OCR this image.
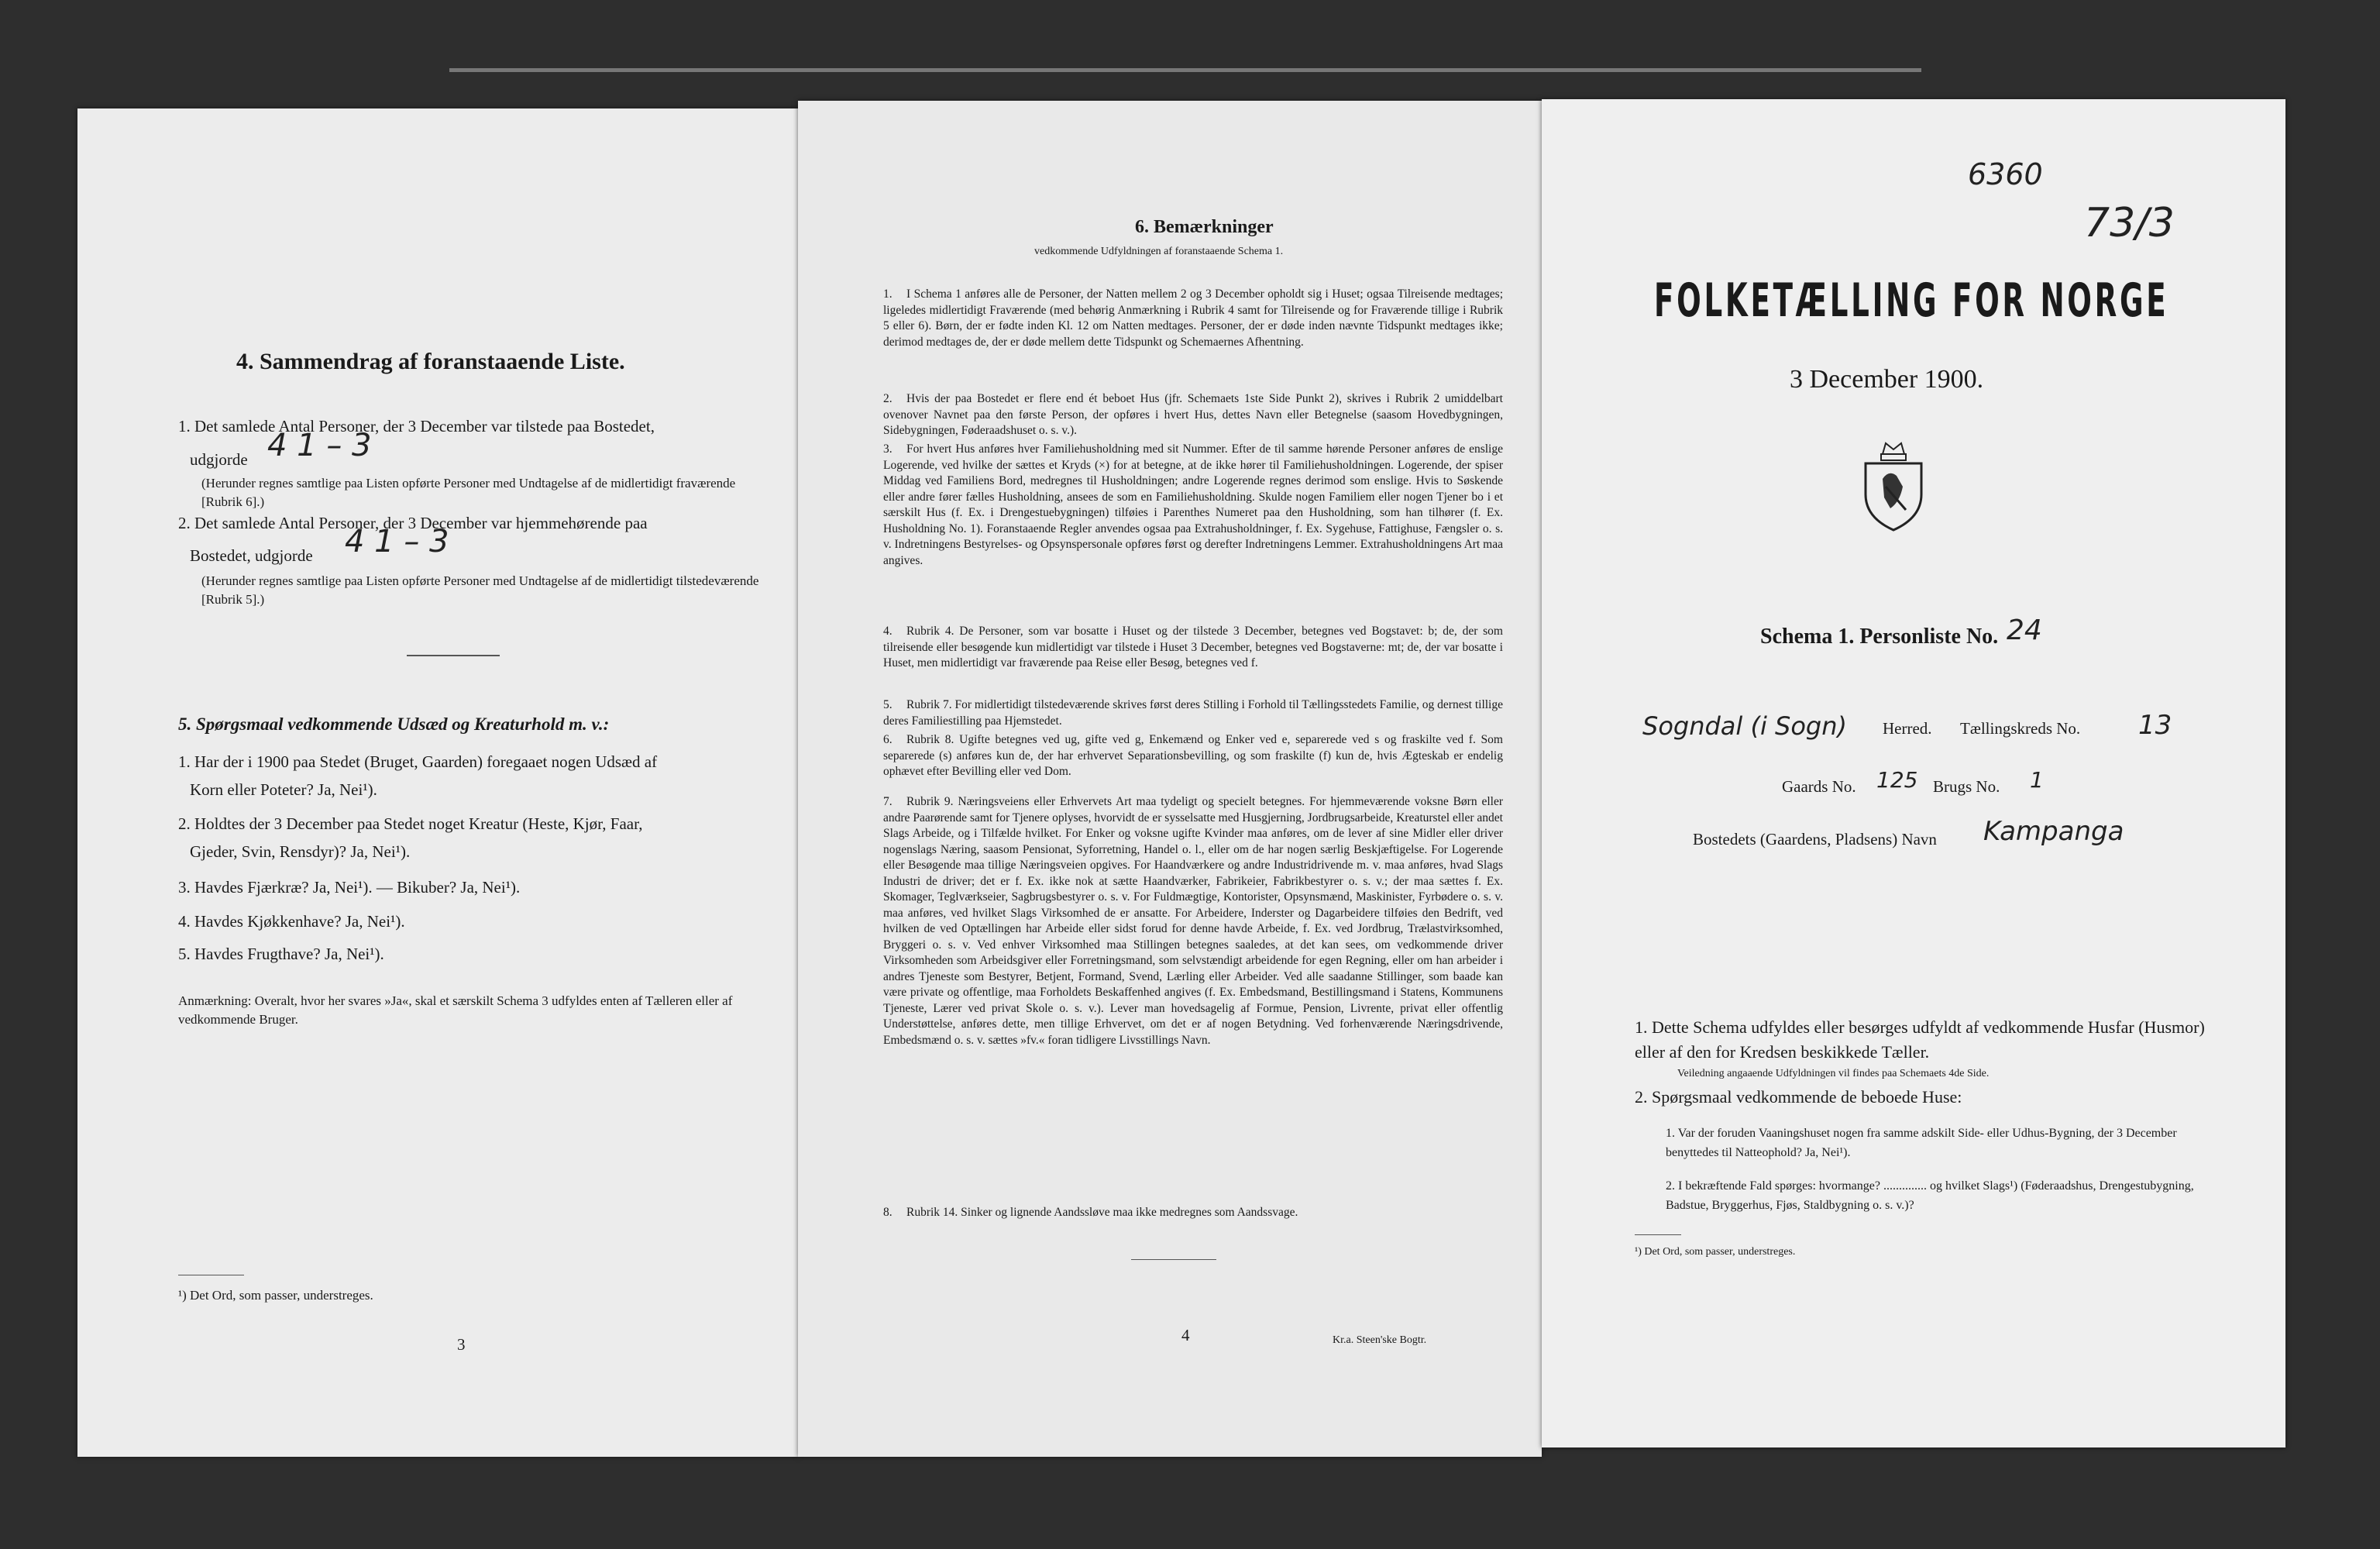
4. Sammendrag af foranstaaende Liste.
1. Det samlede Antal Personer, der 3 December var tilstede paa Bostedet,
udgjorde 4 1 – 3
(Herunder regnes samtlige paa Listen opførte Personer med Undtagelse af de midlertidigt fraværende [Rubrik 6].)
2. Det samlede Antal Personer, der 3 December var hjemmehørende paa
Bostedet, udgjorde 4 1 – 3
(Herunder regnes samtlige paa Listen opførte Personer med Undtagelse af de midlertidigt tilstedeværende [Rubrik 5].)
5. Spørgsmaal vedkommende Udsæd og Kreaturhold m. v.:
1. Har der i 1900 paa Stedet (Bruget, Gaarden) foregaaet nogen Udsæd af
Korn eller Poteter? Ja, Nei¹).
2. Holdtes der 3 December paa Stedet noget Kreatur (Heste, Kjør, Faar,
Gjeder, Svin, Rensdyr)? Ja, Nei¹).
3. Havdes Fjærkræ? Ja, Nei¹). — Bikuber? Ja, Nei¹).
4. Havdes Kjøkkenhave? Ja, Nei¹).
5. Havdes Frugthave? Ja, Nei¹).
Anmærkning: Overalt, hvor her svares »Ja«, skal et særskilt Schema 3 udfyldes enten af Tælleren eller af vedkommende Bruger.
¹) Det Ord, som passer, understreges.
3
6. Bemærkninger
vedkommende Udfyldningen af foranstaaende Schema 1.
1. I Schema 1 anføres alle de Personer, der Natten mellem 2 og 3 December opholdt sig i Huset; ogsaa Tilreisende medtages; ligeledes midlertidigt Fraværende (med behørig Anmærkning i Rubrik 4 samt for Tilreisende og for Fraværende tillige i Rubrik 5 eller 6). Børn, der er fødte inden Kl. 12 om Natten medtages. Personer, der er døde inden nævnte Tidspunkt medtages ikke; derimod medtages de, der er døde mellem dette Tidspunkt og Schemaernes Afhentning.
2. Hvis der paa Bostedet er flere end ét beboet Hus (jfr. Schemaets 1ste Side Punkt 2), skrives i Rubrik 2 umiddelbart ovenover Navnet paa den første Person, der opføres i hvert Hus, dettes Navn eller Betegnelse (saasom Hovedbygningen, Sidebygningen, Føderaadshuset o. s. v.).
3. For hvert Hus anføres hver Familiehusholdning med sit Nummer. Efter de til samme hørende Personer anføres de enslige Logerende, ved hvilke der sættes et Kryds (×) for at betegne, at de ikke hører til Familiehusholdningen. Logerende, der spiser Middag ved Familiens Bord, medregnes til Husholdningen; andre Logerende regnes derimod som enslige. Hvis to Søskende eller andre fører fælles Husholdning, ansees de som en Familiehusholdning. Skulde nogen Familiem eller nogen Tjener bo i et særskilt Hus (f. Ex. i Drengestuebygningen) tilføies i Parenthes Numeret paa den Husholdning, som han tilhører (f. Ex. Husholdning No. 1). Foranstaaende Regler anvendes ogsaa paa Extrahusholdninger, f. Ex. Sygehuse, Fattighuse, Fængsler o. s. v. Indretningens Bestyrelses- og Opsynspersonale opføres først og derefter Indretningens Lemmer. Extrahusholdningens Art maa angives.
4. Rubrik 4. De Personer, som var bosatte i Huset og der tilstede 3 December, betegnes ved Bogstavet: b; de, der som tilreisende eller besøgende kun midlertidigt var tilstede i Huset 3 December, betegnes ved Bogstaverne: mt; de, der var bosatte i Huset, men midlertidigt var fraværende paa Reise eller Besøg, betegnes ved f.
5. Rubrik 7. For midlertidigt tilstedeværende skrives først deres Stilling i Forhold til Tællingsstedets Familie, og dernest tillige deres Familiestilling paa Hjemstedet.
6. Rubrik 8. Ugifte betegnes ved ug, gifte ved g, Enkemænd og Enker ved e, separerede ved s og fraskilte ved f. Som separerede (s) anføres kun de, der har erhvervet Separationsbevilling, og som fraskilte (f) kun de, hvis Ægteskab er endelig ophævet efter Bevilling eller ved Dom.
7. Rubrik 9. Næringsveiens eller Erhvervets Art maa tydeligt og specielt betegnes. For hjemmeværende voksne Børn eller andre Paarørende samt for Tjenere oplyses, hvorvidt de er sysselsatte med Husgjerning, Jordbrugsarbeide, Kreaturstel eller andet Slags Arbeide, og i Tilfælde hvilket. For Enker og voksne ugifte Kvinder maa anføres, om de lever af sine Midler eller driver nogenslags Næring, saasom Pensionat, Syforretning, Handel o. l., eller om de har nogen særlig Beskjæftigelse. For Logerende eller Besøgende maa tillige Næringsveien opgives. For Haandværkere og andre Industridrivende m. v. maa anføres, hvad Slags Industri de driver; det er f. Ex. ikke nok at sætte Haandværker, Fabrikeier, Fabrikbestyrer o. s. v.; der maa sættes f. Ex. Skomager, Teglværkseier, Sagbrugsbestyrer o. s. v. For Fuldmægtige, Kontorister, Opsynsmænd, Maskinister, Fyrbødere o. s. v. maa anføres, ved hvilket Slags Virksomhed de er ansatte. For Arbeidere, Inderster og Dagarbeidere tilføies den Bedrift, ved hvilken de ved Optællingen har Arbeide eller sidst forud for denne havde Arbeide, f. Ex. ved Jordbrug, Trælastvirksomhed, Bryggeri o. s. v. Ved enhver Virksomhed maa Stillingen betegnes saaledes, at det kan sees, om vedkommende driver Virksomheden som Arbeidsgiver eller Forretningsmand, som selvstændigt arbeidende for egen Regning, eller om han arbeider i andres Tjeneste som Bestyrer, Betjent, Formand, Svend, Lærling eller Arbeider. Ved alle saadanne Stillinger, som baade kan være private og offentlige, maa Forholdets Beskaffenhed angives (f. Ex. Embedsmand, Bestillingsmand i Statens, Kommunens Tjeneste, Lærer ved privat Skole o. s. v.). Lever man hovedsagelig af Formue, Pension, Livrente, privat eller offentlig Understøttelse, anføres dette, men tillige Erhvervet, om det er af nogen Betydning. Ved forhenværende Næringsdrivende, Embedsmænd o. s. v. sættes »fv.« foran tidligere Livsstillings Navn.
8. Rubrik 14. Sinker og lignende Aandssløve maa ikke medregnes som Aandssvage.
4	Kr.a. Steen'ske Bogtr.
6360
73/3
FOLKETÆLLING FOR NORGE
3 December 1900.
Schema 1. Personliste No. 24
Sogndal (i Sogn) Herred. Tællingskreds No. 13
Gaards No. 125 Brugs No. 1
Bostedets (Gaardens, Pladsens) Navn Kampanga
1. Dette Schema udfyldes eller besørges udfyldt af vedkommende Husfar (Husmor) eller af den for Kredsen beskikkede Tæller.
Veiledning angaaende Udfyldningen vil findes paa Schemaets 4de Side.
2. Spørgsmaal vedkommende de beboede Huse:
1. Var der foruden Vaaningshuset nogen fra samme adskilt Side- eller Udhus-Bygning, der 3 December benyttedes til Natteophold? Ja, Nei¹).
2. I bekræftende Fald spørges: hvormange? .............. og hvilket Slags¹) (Føderaadshus, Drengestubygning, Badstue, Bryggerhus, Fjøs, Staldbygning o. s. v.)?
¹) Det Ord, som passer, understreges.
